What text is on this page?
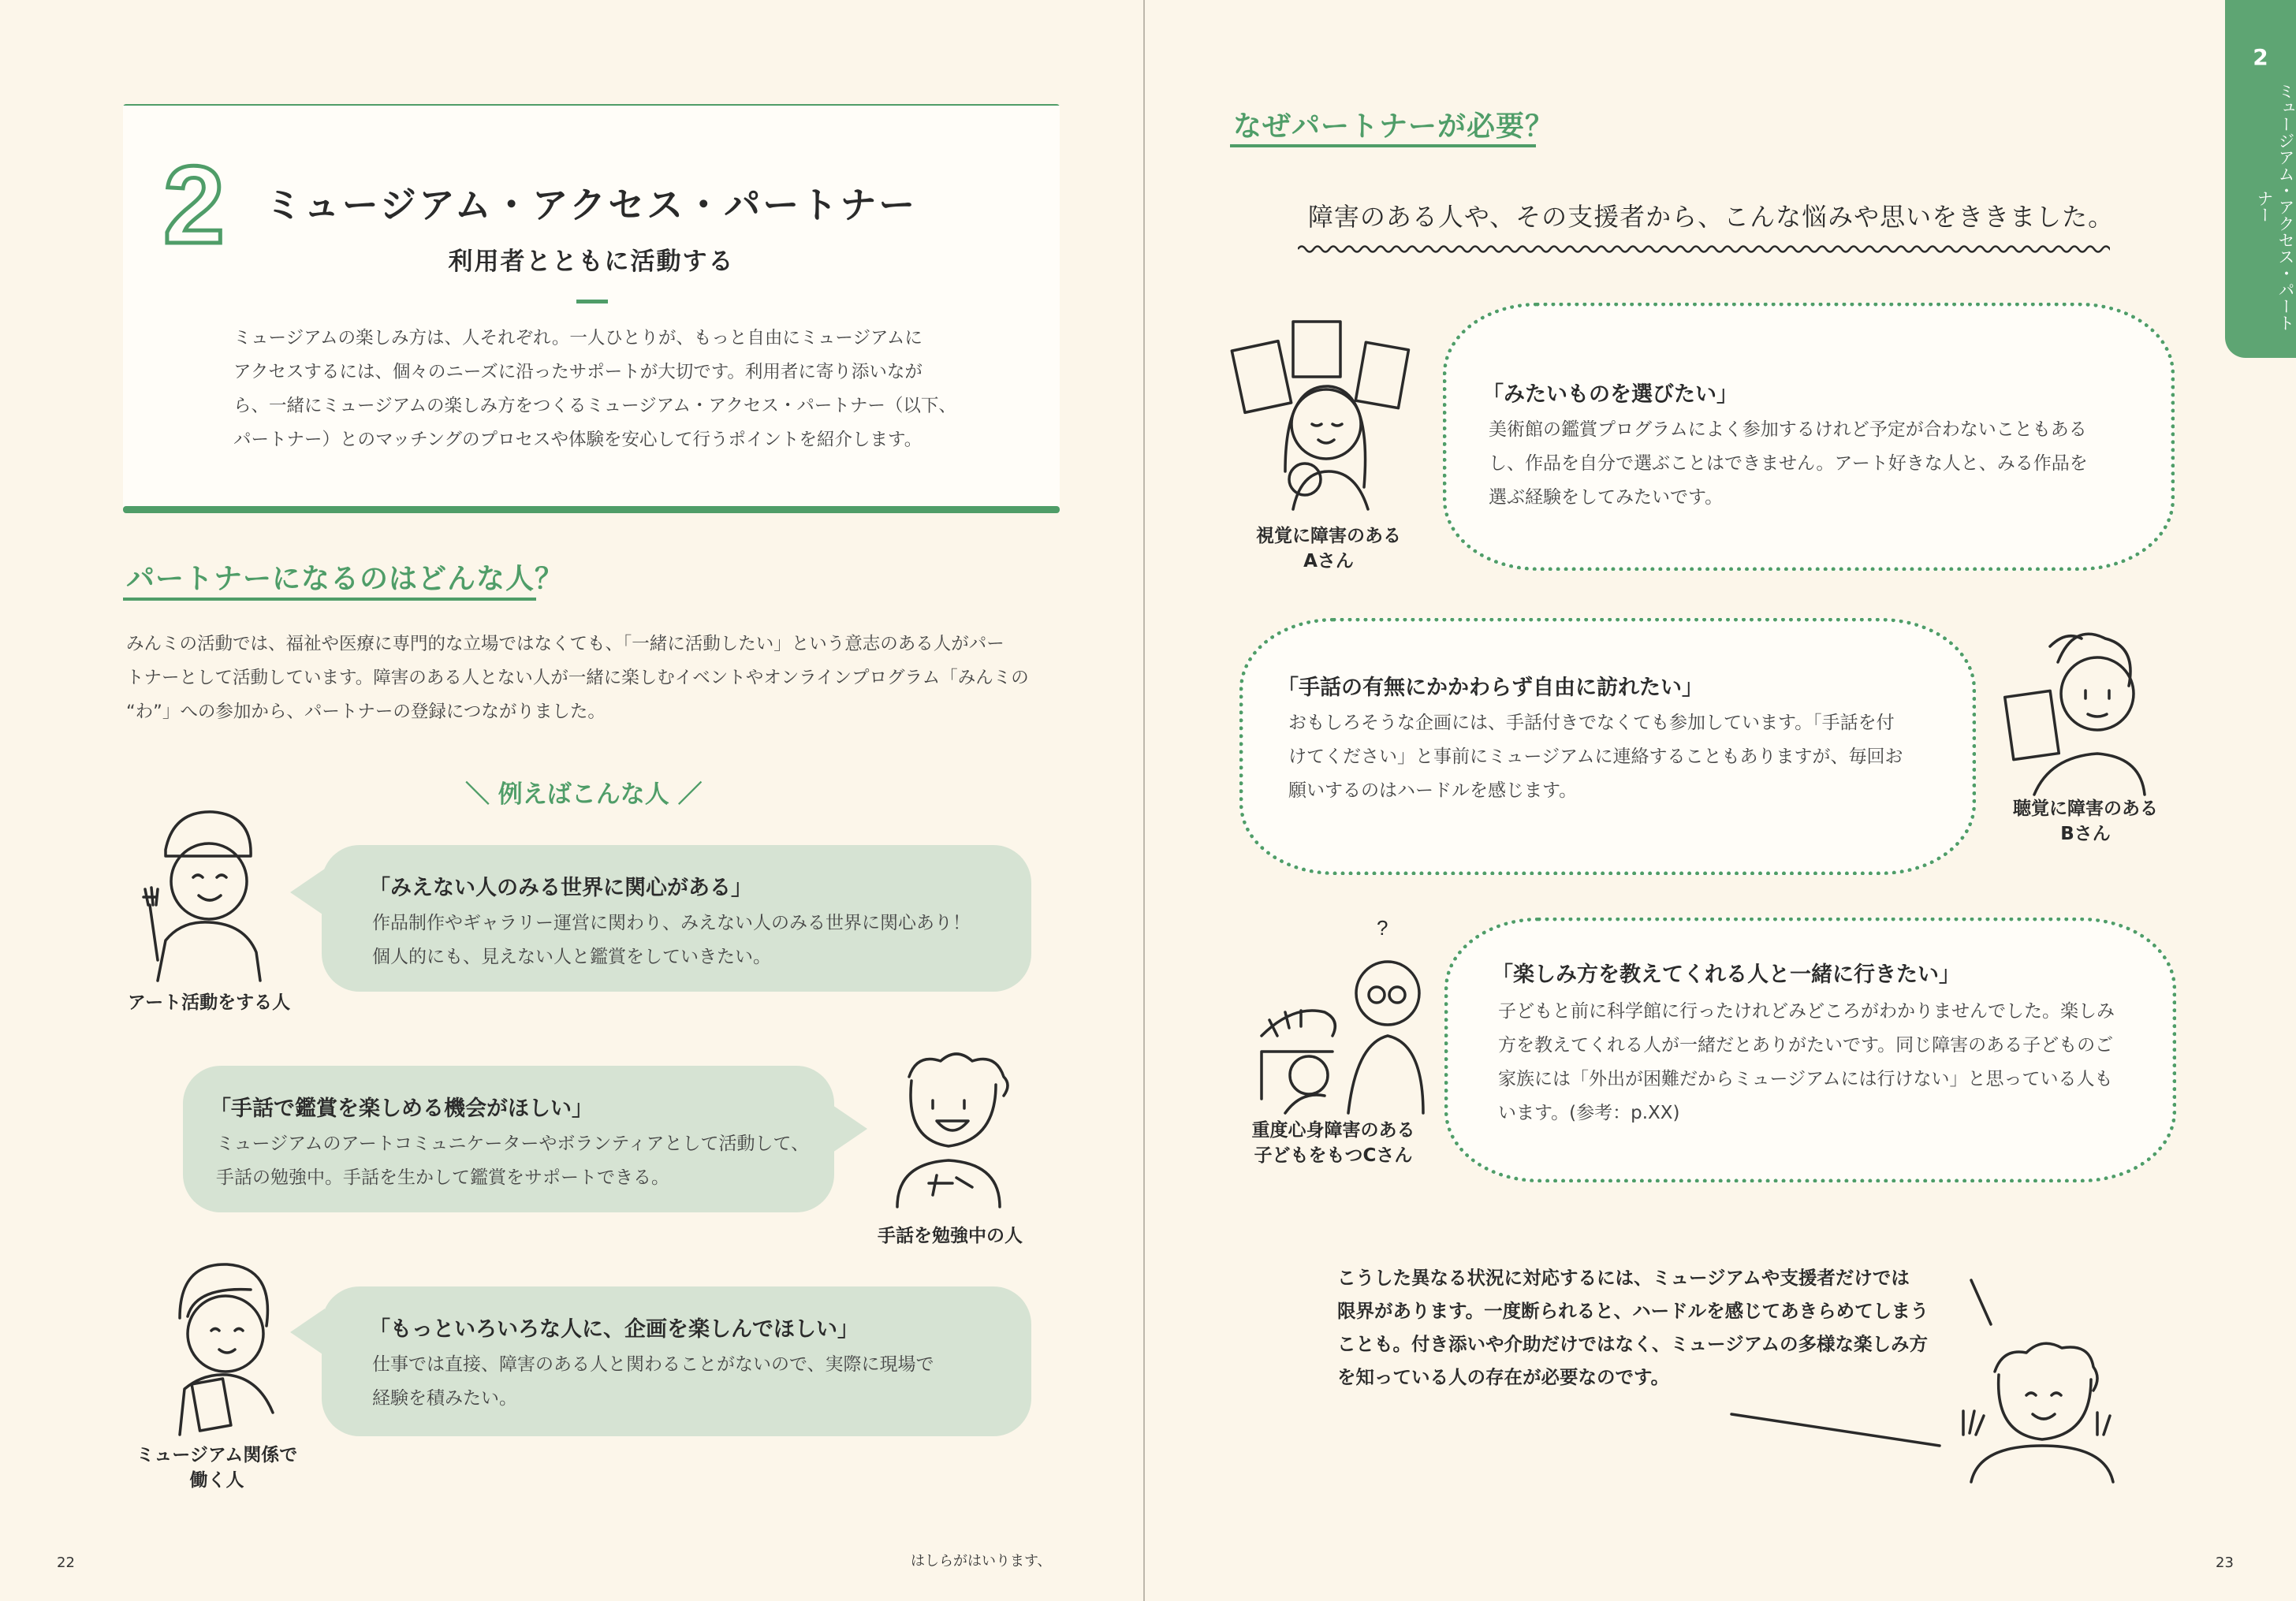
2	ミュージアム・アクセス・パートナー
利用者とともに活動する
ミュージアムの楽しみ方は、人それぞれ。一人ひとりが、もっと自由にミュージアムに
アクセスするには、個々のニーズに沿ったサポートが大切です。利用者に寄り添いなが
ら、一緒にミュージアムの楽しみ方をつくるミュージアム・アクセス・パートナー（以下、
パートナー）とのマッチングのプロセスや体験を安心して行うポイントを紹介します。
パートナーになるのはどんな人？
みんミの活動では、福祉や医療に専門的な立場ではなくても、「一緒に活動したい」という意志のある人がパー
トナーとして活動しています。障害のある人とない人が一緒に楽しむイベントやオンラインプログラム「みんミの
“わ”」への参加から、パートナーの登録につながりました。
＼ 例えばこんな人 ／
アート活動をする人
「みえない人のみる世界に関心がある」
作品制作やギャラリー運営に関わり、みえない人のみる世界に関心あり！
個人的にも、見えない人と鑑賞をしていきたい。
「手話で鑑賞を楽しめる機会がほしい」
ミュージアムのアートコミュニケーターやボランティアとして活動して、
手話の勉強中。手話を生かして鑑賞をサポートできる。
手話を勉強中の人
ミュージアム関係で
働く人
「もっといろいろな人に、企画を楽しんでほしい」
仕事では直接、障害のある人と関わることがないので、実際に現場で
経験を積みたい。
22	はしらがはいります、
2
ミュージアム・アクセス・パートナー
なぜパートナーが必要？
障害のある人や、その支援者から、こんな悩みや思いをききました。
視覚に障害のある
Aさん
「みたいものを選びたい」
美術館の鑑賞プログラムによく参加するけれど予定が合わないこともある
し、作品を自分で選ぶことはできません。アート好きな人と、みる作品を
選ぶ経験をしてみたいです。
「手話の有無にかかわらず自由に訪れたい」
おもしろそうな企画には、手話付きでなくても参加しています。「手話を付
けてください」と事前にミュージアムに連絡することもありますが、毎回お
願いするのはハードルを感じます。
聴覚に障害のある
Bさん
?
重度心身障害のある
子どもをもつCさん
「楽しみ方を教えてくれる人と一緒に行きたい」
子どもと前に科学館に行ったけれどみどころがわかりませんでした。楽しみ
方を教えてくれる人が一緒だとありがたいです。同じ障害のある子どものご
家族には「外出が困難だからミュージアムには行けない」と思っている人も
います。(参考：p.XX)
こうした異なる状況に対応するには、ミュージアムや支援者だけでは
限界があります。一度断られると、ハードルを感じてあきらめてしまう
ことも。付き添いや介助だけではなく、ミュージアムの多様な楽しみ方
を知っている人の存在が必要なのです。
23
